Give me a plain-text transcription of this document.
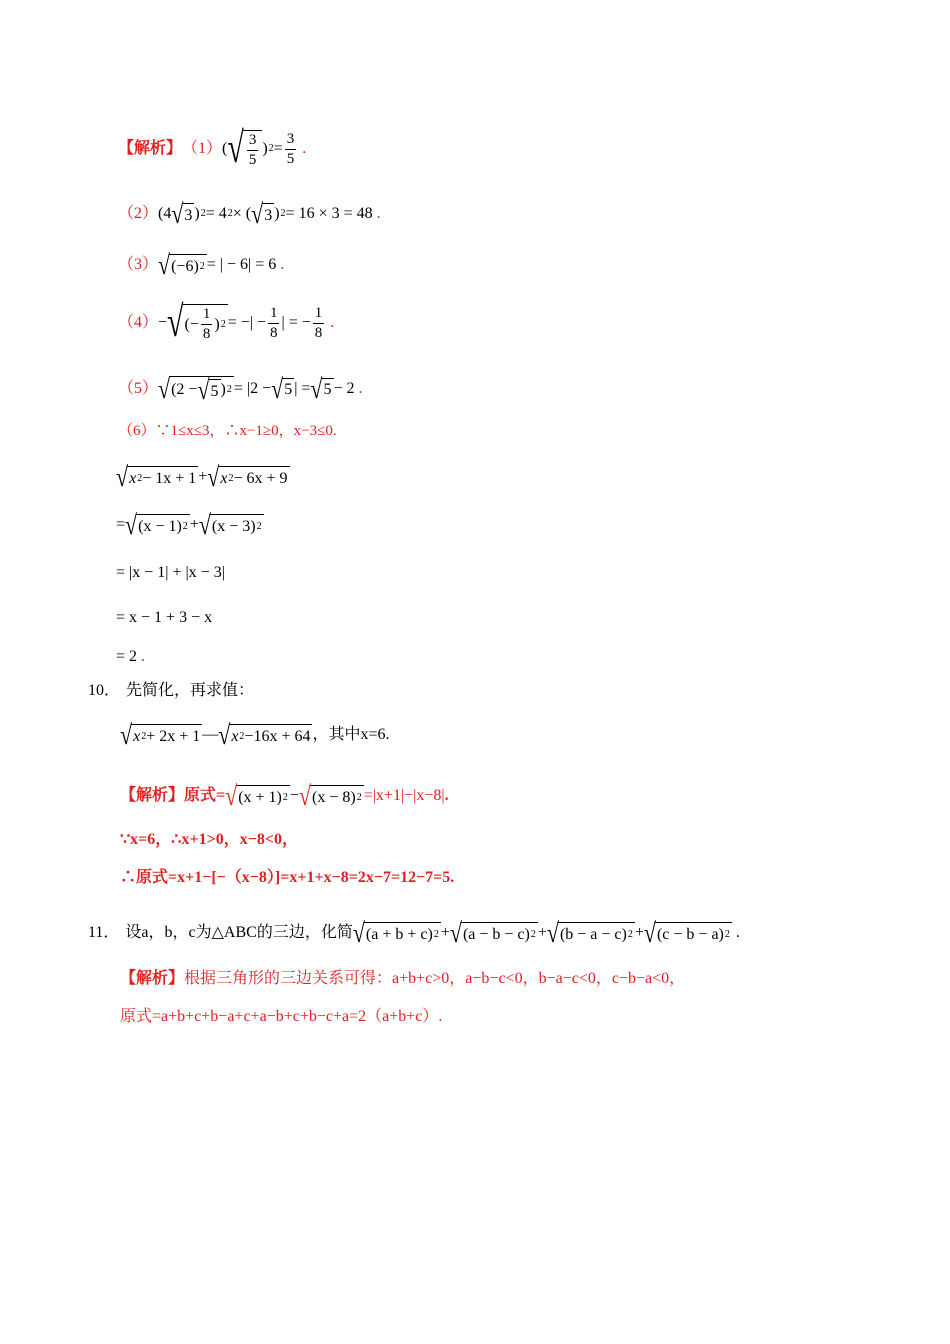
【解析】 （1） ( √ $\frac{3}{5}$ ) $2 = \frac{3}{5}$ .
（2） (4 √ 3 ) 2 = 4 2 × ( √ 3 ) 2 = 16 × 3 = 48 .
（3） √ (−6) 2 = | − 6| = 6 .
（4） − √ (− $\frac{1}{8}$ ) 2 = −| − $\frac{1}{8}$ | = − $\frac{1}{8}$ .
（5） √ (2 − √ 5 ) 2 = |2 − √ 5 | = √ 5 − 2 .
（6）∵1≤x≤3，∴x−1≥0，x−3≤0.
√ x 2 − 1x + 1 + √ x 2 − 6x + 9
= √ (x − 1) 2 + √ (x − 3) 2
= |x − 1| + |x − 3|
= x − 1 + 3 − x
= 2 .
10． 先简化，再求值：
√ x 2 + 2x + 1 — √ x 2 −16x + 64 ，其中x=6.
【解析】原式= √ (x + 1) 2 − √ (x − 8) 2 =|x+1|−|x−8| .
∵x=6，∴x+1>0，x−8<0，
∴原式=x+1−[−（x−8）]=x+1+x−8=2x−7=12−7=5.
11． 设a，b，c为△ABC的三边，化简 √ (a + b + c) 2 + √ (a − b − c) 2 + √ (b − a − c) 2 + √ (c − b − a) 2 .
【解析】 根据三角形的三边关系可得：a+b+c>0，a−b−c<0，b−a−c<0，c−b−a<0，
原式=a+b+c+b−a+c+a−b+c+b−c+a=2（a+b+c）.
